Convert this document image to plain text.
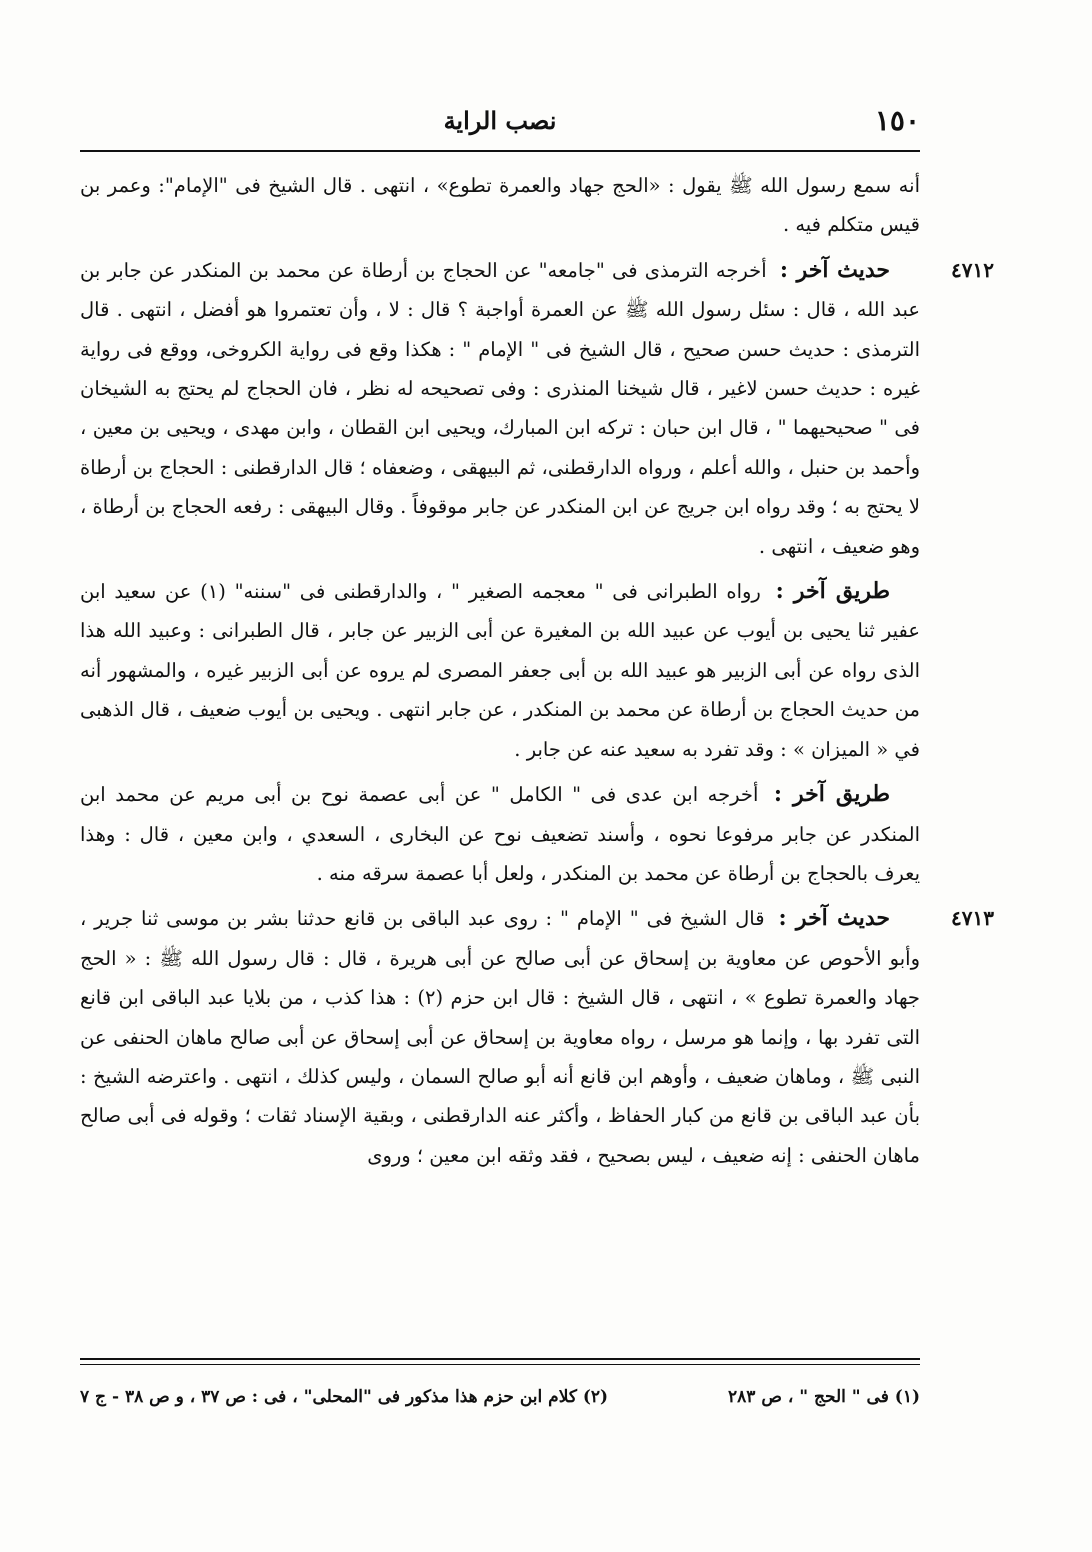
١٥٠
نصب الراية

أنه سمع رسول الله ﷺ يقول : «الحج جهاد والعمرة تطوع» ، انتهى . قال الشيخ فى "الإمام": وعمر بن قيس متكلم فيه .

٤٧١٢
حديث آخر : أخرجه الترمذى فى "جامعه" عن الحجاج بن أرطاة عن محمد بن المنكدر عن جابر بن عبد الله ، قال : سئل رسول الله ﷺ عن العمرة أواجبة ؟ قال : لا ، وأن تعتمروا هو أفضل ، انتهى . قال الترمذى : حديث حسن صحيح ، قال الشيخ فى " الإمام " : هكذا وقع فى رواية الكروخى، ووقع فى رواية غيره : حديث حسن لاغير ، قال شيخنا المنذرى : وفى تصحيحه له نظر ، فان الحجاج لم يحتج به الشيخان فى " صحيحيهما " ، قال ابن حبان : تركه ابن المبارك، ويحيى ابن القطان ، وابن مهدى ، ويحيى بن معين ، وأحمد بن حنبل ، والله أعلم ، ورواه الدارقطنى، ثم البيهقى ، وضعفاه ؛ قال الدارقطنى : الحجاج بن أرطاة لا يحتج به ؛ وقد رواه ابن جريج عن ابن المنكدر عن جابر موقوفاً . وقال البيهقى : رفعه الحجاج بن أرطاة ، وهو ضعيف ، انتهى .

طريق آخر : رواه الطبرانى فى " معجمه الصغير " ، والدارقطنى فى "سننه" (١) عن سعيد ابن عفير ثنا يحيى بن أيوب عن عبيد الله بن المغيرة عن أبى الزبير عن جابر ، قال الطبرانى : وعبيد الله هذا الذى رواه عن أبى الزبير هو عبيد الله بن أبى جعفر المصرى لم يروه عن أبى الزبير غيره ، والمشهور أنه من حديث الحجاج بن أرطاة عن محمد بن المنكدر ، عن جابر انتهى . ويحيى بن أيوب ضعيف ، قال الذهبى في « الميزان » : وقد تفرد به سعيد عنه عن جابر .

طريق آخر : أخرجه ابن عدى فى " الكامل " عن أبى عصمة نوح بن أبى مريم عن محمد ابن المنكدر عن جابر مرفوعا نحوه ، وأسند تضعيف نوح عن البخارى ، السعدي ، وابن معين ، قال : وهذا يعرف بالحجاج بن أرطاة عن محمد بن المنكدر ، ولعل أبا عصمة سرقه منه .

٤٧١٣
حديث آخر : قال الشيخ فى " الإمام " : روى عبد الباقى بن قانع حدثنا بشر بن موسى ثنا جرير ، وأبو الأحوص عن معاوية بن إسحاق عن أبى صالح عن أبى هريرة ، قال : قال رسول الله ﷺ : « الحج جهاد والعمرة تطوع » ، انتهى ، قال الشيخ : قال ابن حزم (٢) : هذا كذب ، من بلايا عبد الباقى ابن قانع التى تفرد بها ، وإنما هو مرسل ، رواه معاوية بن إسحاق عن أبى إسحاق عن أبى صالح ماهان الحنفى عن النبى ﷺ ، وماهان ضعيف ، وأوهم ابن قانع أنه أبو صالح السمان ، وليس كذلك ، انتهى . واعترضه الشيخ : بأن عبد الباقى بن قانع من كبار الحفاظ ، وأكثر عنه الدارقطنى ، وبقية الإسناد ثقات ؛ وقوله فى أبى صالح ماهان الحنفى : إنه ضعيف ، ليس بصحيح ، فقد وثقه ابن معين ؛ وروى

(١) فى " الحج " ، ص ٢٨٣
(٢) كلام ابن حزم هذا مذكور فى "المحلى" ، فى : ص ٣٧ ، و ص ٣٨ - ج ٧
